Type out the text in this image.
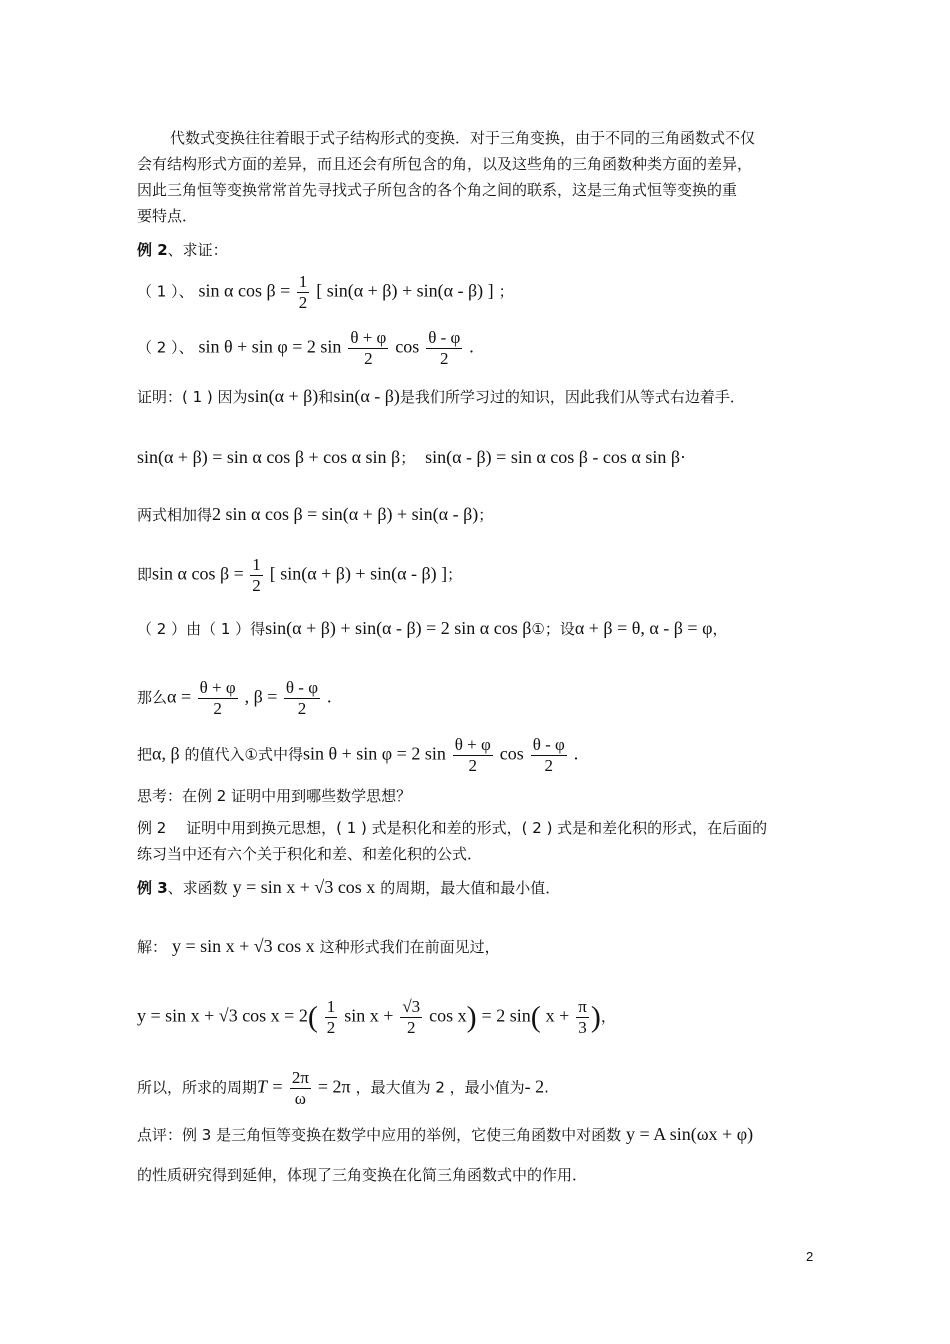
代数式变换往往着眼于式子结构形式的变换．对于三角变换，由于不同的三角函数式不仅
会有结构形式方面的差异，而且还会有所包含的角，以及这些角的三角函数种类方面的差异，
因此三角恒等变换常常首先寻找式子所包含的各个角之间的联系，这是三角式恒等变换的重
要特点．
例 2、求证：
（ 1 ）、 sin α $\cos \beta = \frac{1}{2}$ [ sin(α + β) + sin(α - β) ] ；
（ 2 ）、 sin θ + sin φ = 2 $\sin \frac{\theta + \varphi}{2}$ $\cos \frac{\theta - \varphi}{2}$ .
证明：( 1 ) 因为sin(α + β)和sin(α - β)是我们所学习过的知识，因此我们从等式右边着手．
sin(α + β) = sin α cos β + cos α sin β； sin(α - β) = sin α cos β - cos α sin β·
两式相加得2 sin α cos β = sin(α + β) + sin(α - β)；
即sin α $\cos \beta = \frac{1}{2}$ [ sin(α + β) + sin(α - β) ]；
（ 2 ）由（ 1 ）得sin(α + β) + sin(α - β) = 2 sin α cos β①；设α + β = θ, α - β = φ，
那么$\alpha = \frac{\theta + \varphi}{2}$ , $\beta = \frac{\theta - \varphi}{2}$ .
把α, β 的值代入①式中得sin θ + sin φ = 2 $\sin \frac{\theta + \varphi}{2}$ $\cos \frac{\theta - \varphi}{2}$ .
思考：在例 2 证明中用到哪些数学思想？
例 2　 证明中用到换元思想，( 1 ) 式是积化和差的形式，( 2 ) 式是和差化积的形式，在后面的
练习当中还有六个关于积化和差、和差化积的公式．
例 3、求函数 y = sin x + √3 cos x 的周期，最大值和最小值．
解： y = sin x + √3 cos x 这种形式我们在前面见过，
y = sin x + √3 $\cos x = 2( \frac{1}{2}$ $\sin x + \frac{√3}{2}$ cos x) = 2 sin( $x + \frac{\pi}{3}$ )，
所以，所求的周期$T = \frac{2\pi}{\omega} = 2\pi$ ，最大值为 2 ，最小值为- 2.
点评：例 3 是三角恒等变换在数学中应用的举例，它使三角函数中对函数 y = A sin(ωx + φ)
的性质研究得到延伸，体现了三角变换在化简三角函数式中的作用．
2
